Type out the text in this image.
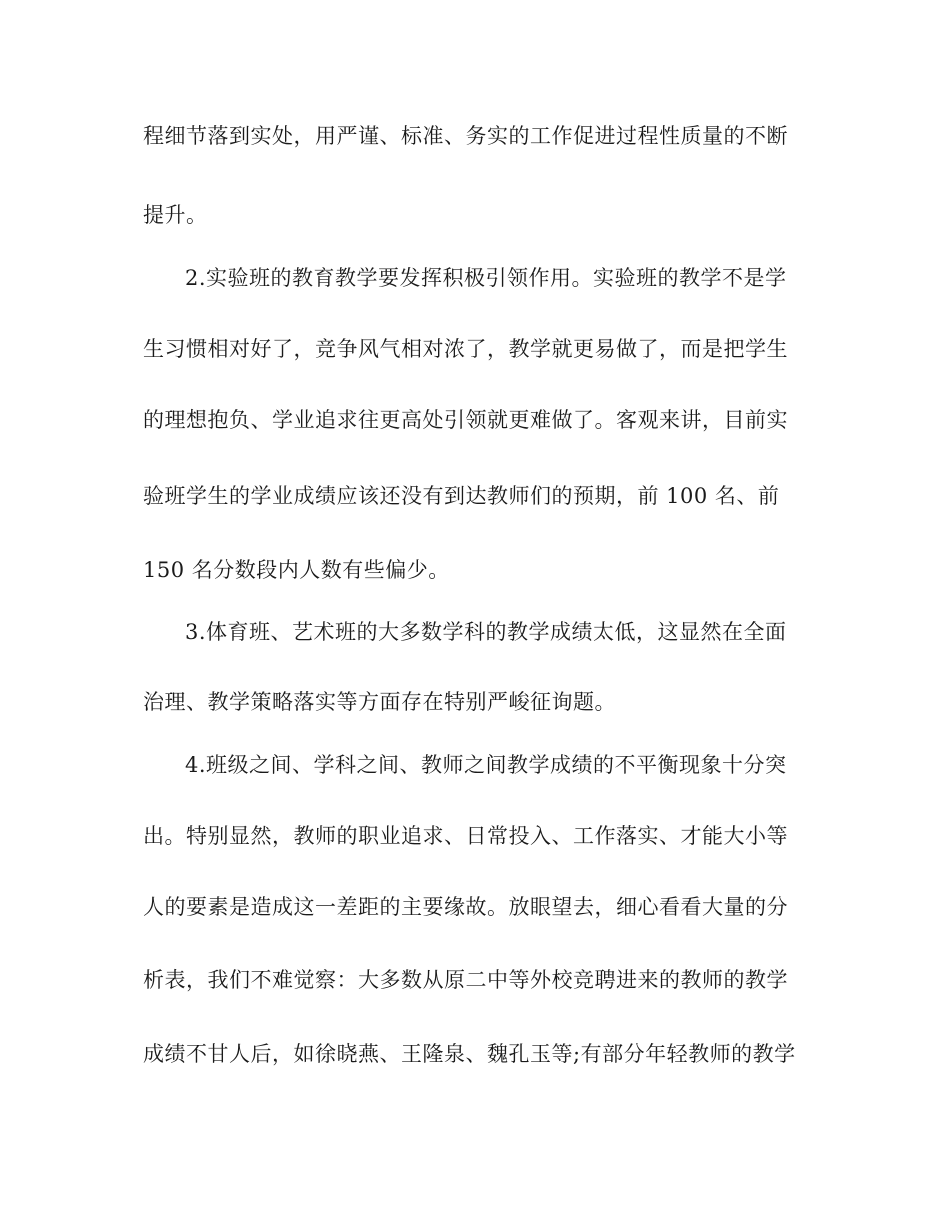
程细节落到实处，用严谨、标准、务实的工作促进过程性质量的不断
提升。
2.实验班的教育教学要发挥积极引领作用。实验班的教学不是学
生习惯相对好了，竞争风气相对浓了，教学就更易做了，而是把学生
的理想抱负、学业追求往更高处引领就更难做了。客观来讲，目前实
验班学生的学业成绩应该还没有到达教师们的预期，前 100 名、前
150 名分数段内人数有些偏少。
3.体育班、艺术班的大多数学科的教学成绩太低，这显然在全面
治理、教学策略落实等方面存在特别严峻征询题。
4.班级之间、学科之间、教师之间教学成绩的不平衡现象十分突
出。特别显然，教师的职业追求、日常投入、工作落实、才能大小等
人的要素是造成这一差距的主要缘故。放眼望去，细心看看大量的分
析表，我们不难觉察：大多数从原二中等外校竞聘进来的教师的教学
成绩不甘人后，如徐晓燕、王隆泉、魏孔玉等;有部分年轻教师的教学
